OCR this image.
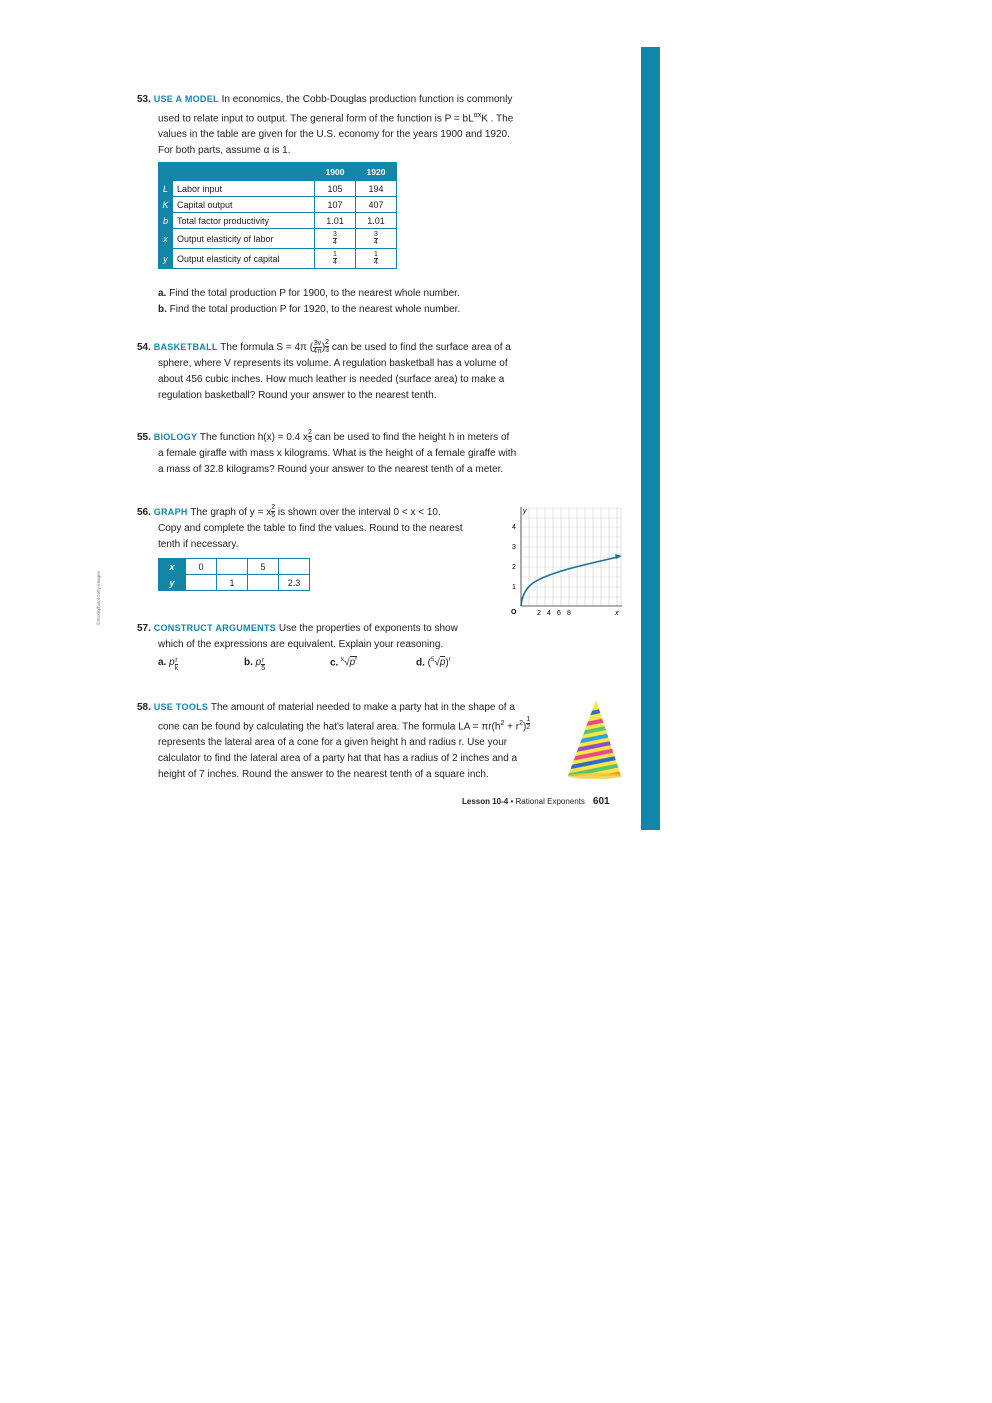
©Stockphoto/Getty Images
53. USE A MODEL In economics, the Cobb-Douglas production function is commonly
used to relate input to output. The general form of the function is $P = bL^{\alpha x}K$ . The
values in the table are given for the U.S. economy for the years 1900 and 1920.
For both parts, assume α is 1.
		1900	1920
L	Labor input	105	194
K	Capital output	107	407
b	Total factor productivity	1.01	1.01
x	Output elasticity of labor	$\frac{3}{4}$	$\frac{3}{4}$

y	Output elasticity of capital	$\frac{1}{4}$	$\frac{1}{4}$
a. Find the total production P for 1900, to the nearest whole number.
b. Find the total production P for 1920, to the nearest whole number.
54. BASKETBALL The formula S = 4π ( $\frac{3v}{4\pi}$ ) $\frac{2}{3}$ can be used to find the surface area of a
sphere, where V represents its volume. A regulation basketball has a volume of
about 456 cubic inches. How much leather is needed (surface area) to make a
regulation basketball? Round your answer to the nearest tenth.
55. BIOLOGY The function h(x) = 0.4 x $\frac{2}{3}$ can be used to find the height h in meters of
a female giraffe with mass x kilograms. What is the height of a female giraffe with
a mass of 32.8 kilograms? Round your answer to the nearest tenth of a meter.
56. GRAPH The graph of y = x $\frac{2}{5}$ is shown over the interval 0 < x < 10.
Copy and complete the table to find the values. Round to the nearest
tenth if necessary.
x	0		5	
y		1		2.3
y
x
O
1
2
3
4
2 4 6 8
57. CONSTRUCT ARGUMENTS Use the properties of exponents to show
which of the expressions are equivalent. Explain your reasoning.
a. p $\frac{r}{k}$	b. p $\frac{r}{5}$	c. $^k√p^r$	d. $(^5√p)^r$
58. USE TOOLS The amount of material needed to make a party hat in the shape of a
cone can be found by calculating the hat's lateral area. The formula LA = $\pi r(h^2 + r^2) \frac{1}{2}$
represents the lateral area of a cone for a given height h and radius r. Use your
calculator to find the lateral area of a party hat that has a radius of 2 inches and a
height of 7 inches. Round the answer to the nearest tenth of a square inch.
Lesson 10-4 • Rational Exponents 601
